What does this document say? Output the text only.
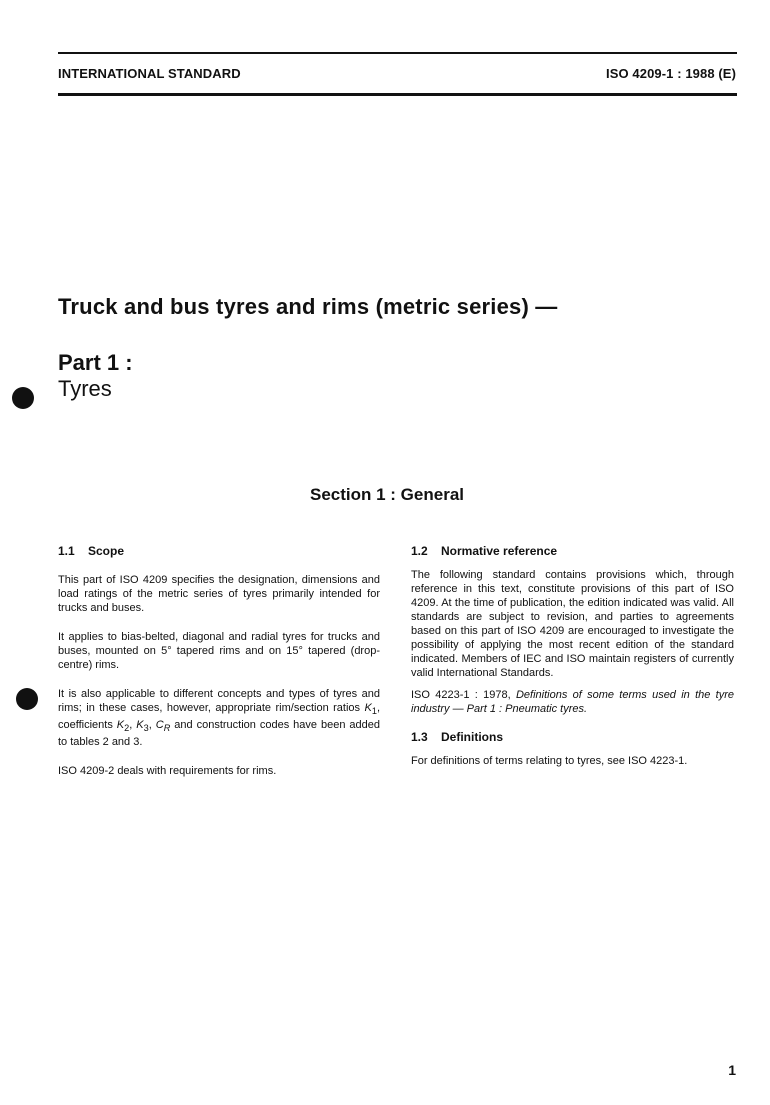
INTERNATIONAL STANDARD	ISO 4209-1 : 1988 (E)
Truck and bus tyres and rims (metric series) —
Part 1 :
Tyres
Section 1 : General
1.1 Scope

This part of ISO 4209 specifies the designation, dimensions and load ratings of the metric series of tyres primarily intended for trucks and buses.

It applies to bias-belted, diagonal and radial tyres for trucks and buses, mounted on 5° tapered rims and on 15° tapered (drop-centre) rims.

It is also applicable to different concepts and types of tyres and rims; in these cases, however, appropriate rim/section ratios $K_1$, coefficients $K_2$, $K_3$, $C_R$ and construction codes have been added to tables 2 and 3.

ISO 4209-2 deals with requirements for rims.

1.2 Normative reference

The following standard contains provisions which, through reference in this text, constitute provisions of this part of ISO 4209. At the time of publication, the edition indicated was valid. All standards are subject to revision, and parties to agreements based on this part of ISO 4209 are encouraged to investigate the possibility of applying the most recent edition of the standard indicated. Members of IEC and ISO maintain registers of currently valid International Standards.

ISO 4223-1 : 1978, Definitions of some terms used in the tyre industry — Part 1 : Pneumatic tyres.

1.3 Definitions

For definitions of terms relating to tyres, see ISO 4223-1.

1
